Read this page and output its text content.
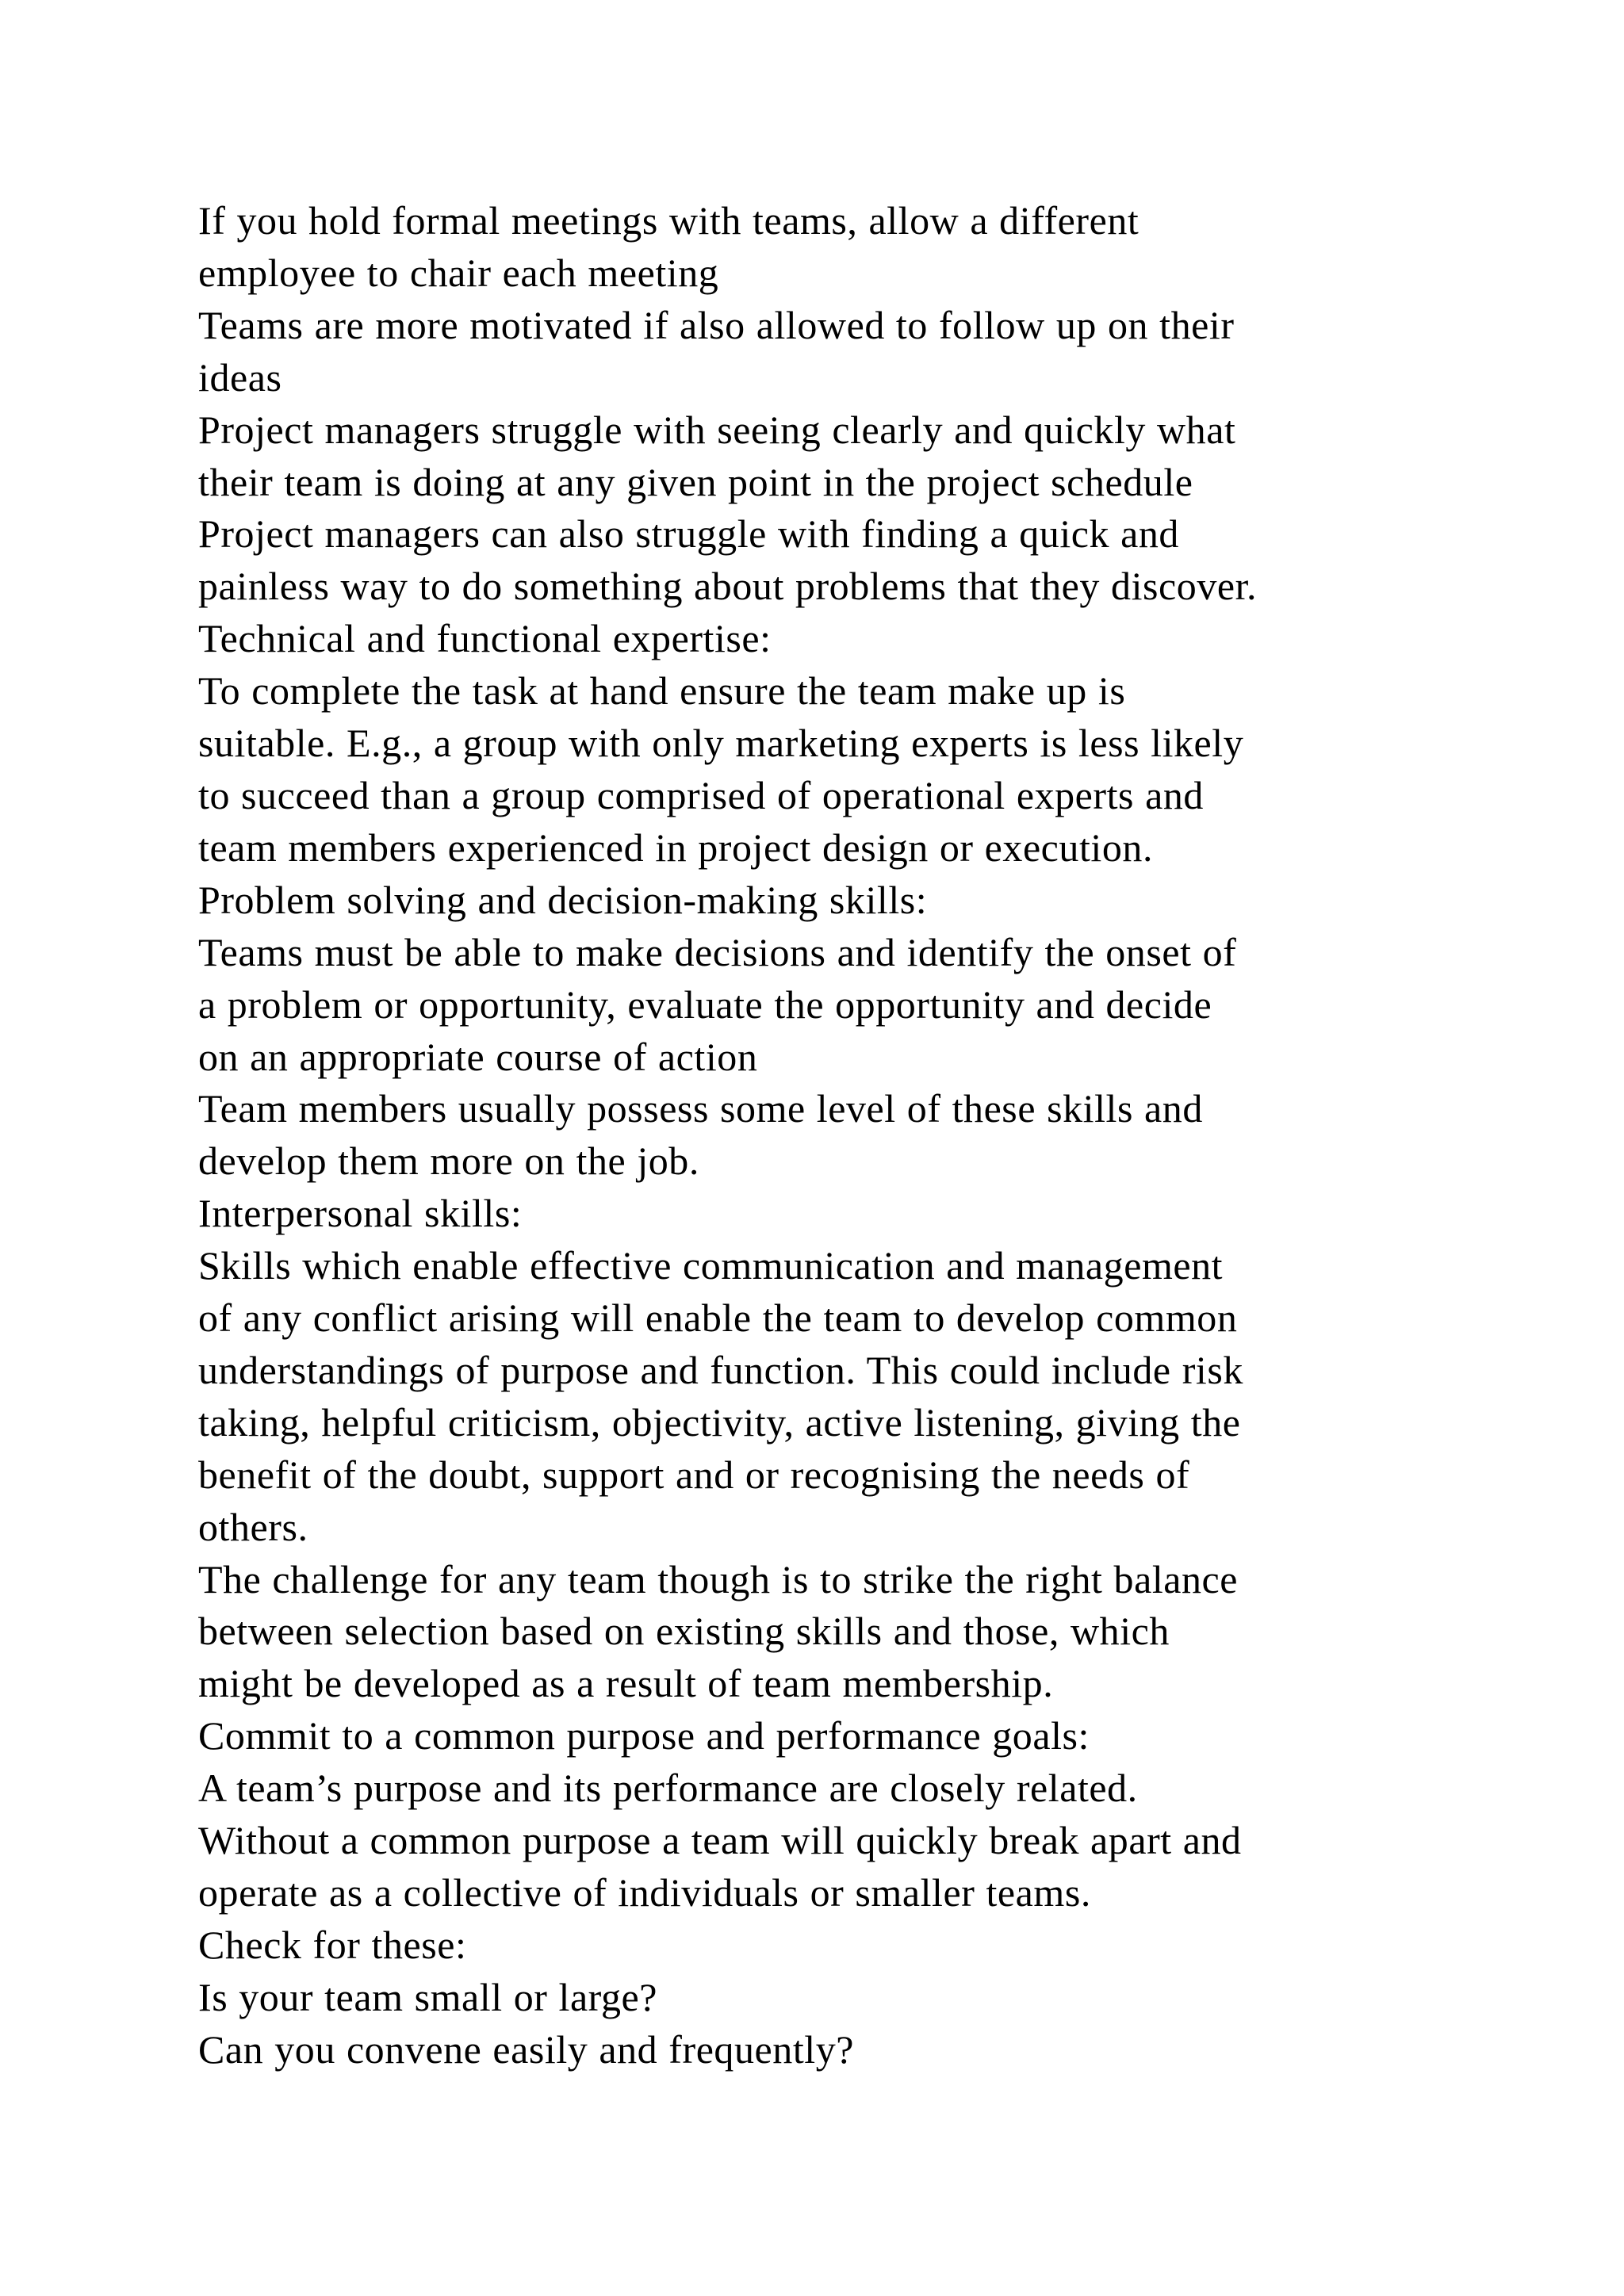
If you hold formal meetings with teams, allow a different

employee to chair each meeting

Teams are more motivated if also allowed to follow up on their

ideas

Project managers struggle with seeing clearly and quickly what

their team is doing at any given point in the project schedule

Project managers can also struggle with finding a quick and

painless way to do something about problems that they discover.

Technical and functional expertise:

To complete the task at hand ensure the team make up is

suitable. E.g., a group with only marketing experts is less likely

to succeed than a group comprised of operational experts and

team members experienced in project design or execution.

Problem solving and decision-making skills:

Teams must be able to make decisions and identify the onset of

a problem or opportunity, evaluate the opportunity and decide

on an appropriate course of action

Team members usually possess some level of these skills and

develop them more on the job.

Interpersonal skills:

Skills which enable effective communication and management

of any conflict arising will enable the team to develop common

understandings of purpose and function. This could include risk

taking, helpful criticism, objectivity, active listening, giving the

benefit of the doubt, support and or recognising the needs of

others.

The challenge for any team though is to strike the right balance

between selection based on existing skills and those, which

might be developed as a result of team membership.

Commit to a common purpose and performance goals:

A team’s purpose and its performance are closely related.

Without a common purpose a team will quickly break apart and

operate as a collective of individuals or smaller teams.

Check for these:

Is your team small or large?

Can you convene easily and frequently?
